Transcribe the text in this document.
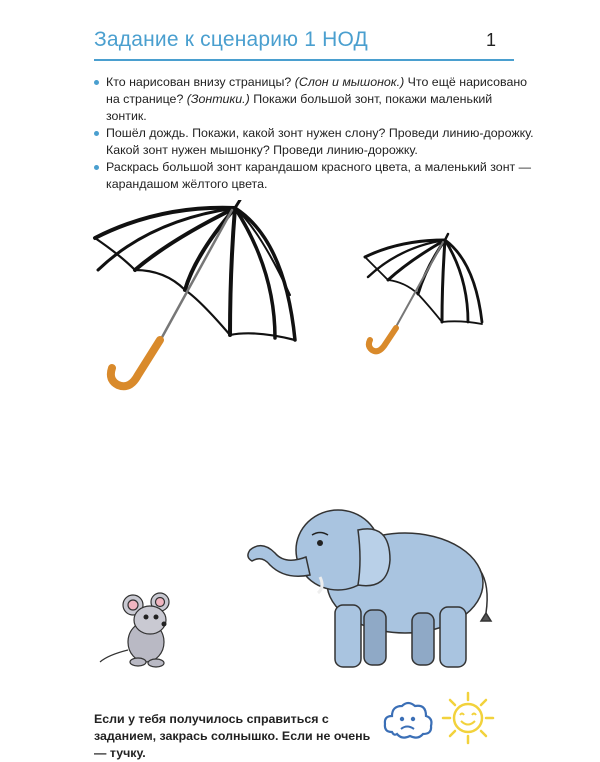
Задание к сценарию 1 НОД	1
Кто нарисован внизу страницы? (Слон и мышонок.) Что ещё нарисовано на странице? (Зонтики.) Покажи большой зонт, покажи маленький зонтик.
Пошёл дождь. Покажи, какой зонт нужен слону? Проведи линию-дорожку. Какой зонт нужен мышонку? Проведи линию-дорожку.
Раскрась большой зонт карандашом красного цвета, а маленький зонт — карандашом жёлтого цвета.
Если у тебя получилось справиться с заданием, закрась солнышко. Если не очень — тучку.
